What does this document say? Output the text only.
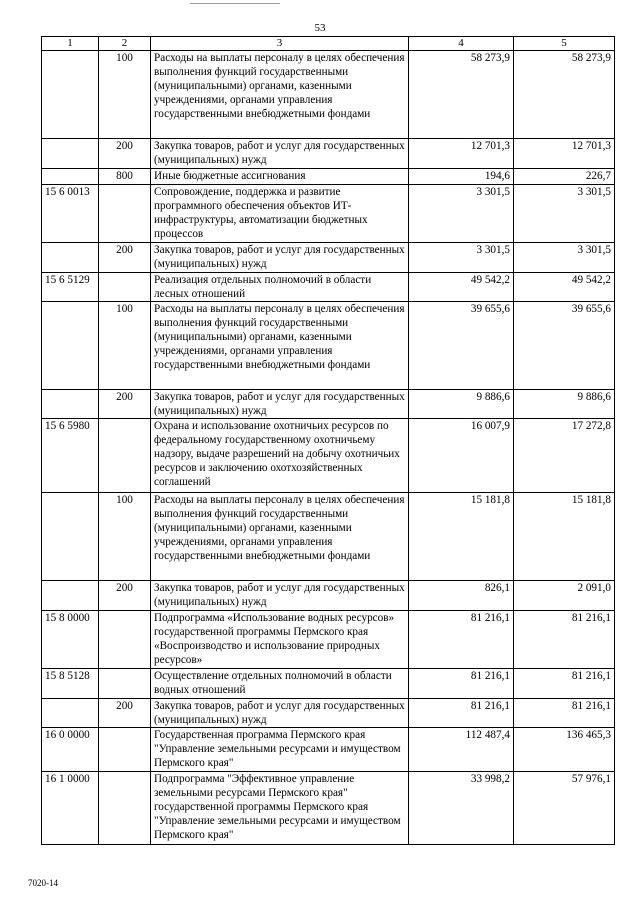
53
1	2	3	4	5
	100	Расходы на выплаты персоналу в целях обеспечения выполнения функций государственными (муниципальными) органами, казенными учреждениями, органами управления государственными внебюджетными фондами	58 273,9	58 273,9
	200	Закупка товаров, работ и услуг для государственных (муниципальных) нужд	12 701,3	12 701,3
	800	Иные бюджетные ассигнования	194,6	226,7
15 6 0013		Сопровождение, поддержка и развитие программного обеспечения объектов ИТ-инфраструктуры, автоматизации бюджетных процессов	3 301,5	3 301,5
	200	Закупка товаров, работ и услуг для государственных (муниципальных) нужд	3 301,5	3 301,5
15 6 5129		Реализация отдельных полномочий в области лесных отношений	49 542,2	49 542,2
	100	Расходы на выплаты персоналу в целях обеспечения выполнения функций государственными (муниципальными) органами, казенными учреждениями, органами управления государственными внебюджетными фондами	39 655,6	39 655,6
	200	Закупка товаров, работ и услуг для государственных (муниципальных) нужд	9 886,6	9 886,6
15 6 5980		Охрана и использование охотничьих ресурсов по федеральному государственному охотничьему надзору, выдаче разрешений на добычу охотничьих ресурсов и заключению охотхозяйственных соглашений	16 007,9	17 272,8
	100	Расходы на выплаты персоналу в целях обеспечения выполнения функций государственными (муниципальными) органами, казенными учреждениями, органами управления государственными внебюджетными фондами	15 181,8	15 181,8
	200	Закупка товаров, работ и услуг для государственных (муниципальных) нужд	826,1	2 091,0
15 8 0000		Подпрограмма «Использование водных ресурсов» государственной программы Пермского края «Воспроизводство и использование природных ресурсов»	81 216,1	81 216,1
15 8 5128		Осуществление отдельных полномочий в области водных отношений	81 216,1	81 216,1
	200	Закупка товаров, работ и услуг для государственных (муниципальных) нужд	81 216,1	81 216,1
16 0 0000		Государственная программа Пермского края "Управление земельными ресурсами и имуществом Пермского края"	112 487,4	136 465,3
16 1 0000		Подпрограмма "Эффективное управление земельными ресурсами Пермского края" государственной программы Пермского края "Управление земельными ресурсами и имуществом Пермского края"	33 998,2	57 976,1
7020-14
